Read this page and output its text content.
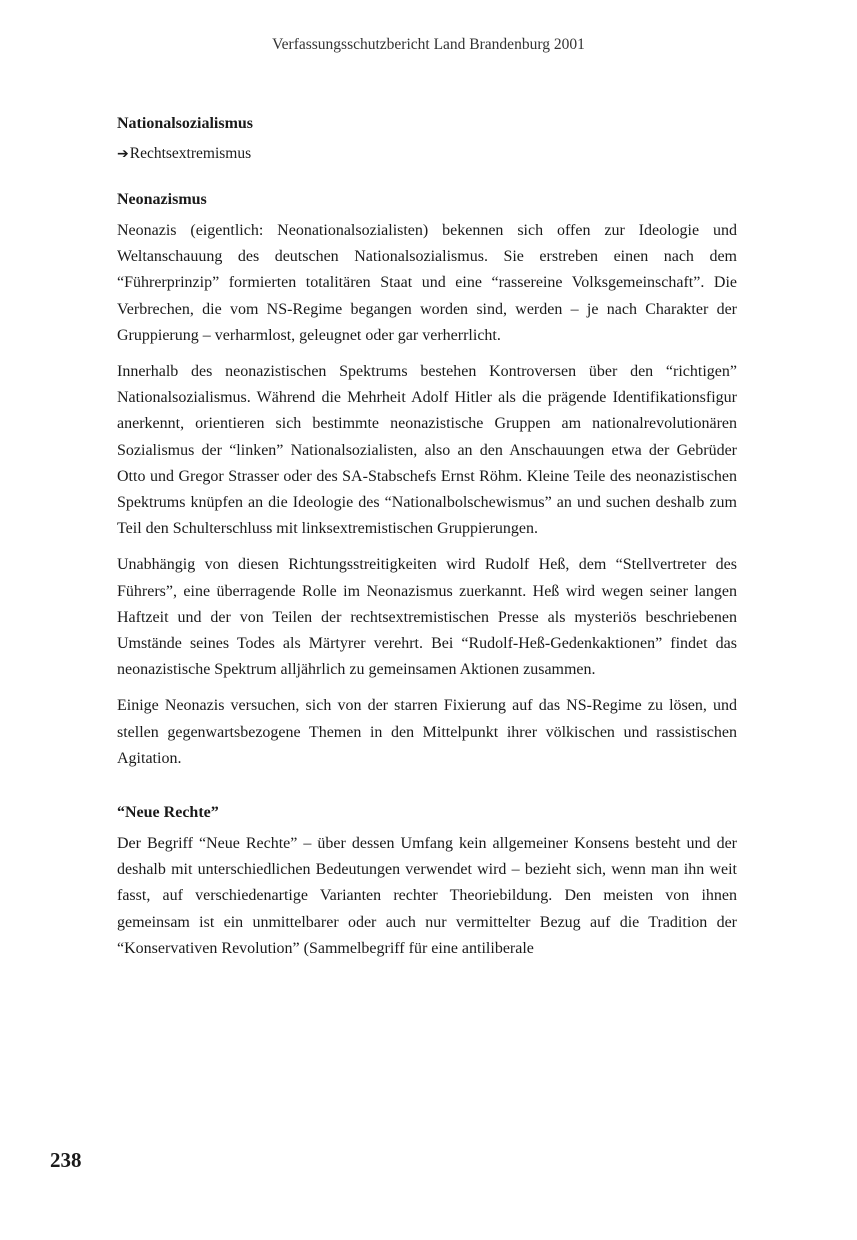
Verfassungsschutzbericht Land Brandenburg 2001
Nationalsozialismus

➔Rechtsextremismus

Neonazismus

Neonazis (eigentlich: Neonationalsozialisten) bekennen sich offen zur Ideologie und Weltanschauung des deutschen Nationalsozialismus. Sie erstreben einen nach dem “Führerprinzip” formierten totalitären Staat und eine “rassereine Volksgemeinschaft”. Die Verbrechen, die vom NS-Regime begangen worden sind, werden – je nach Charakter der Gruppierung – verharmlost, geleugnet oder gar verherrlicht.

Innerhalb des neonazistischen Spektrums bestehen Kontroversen über den “richtigen” Nationalsozialismus. Während die Mehrheit Adolf Hitler als die prägende Identifikationsfigur anerkennt, orientieren sich bestimmte neonazistische Gruppen am nationalrevolutionären Sozialismus der “linken” Nationalsozialisten, also an den Anschauungen etwa der Gebrüder Otto und Gregor Strasser oder des SA-Stabschefs Ernst Röhm. Kleine Teile des neonazistischen Spektrums knüpfen an die Ideologie des “Nationalbolschewismus” an und suchen deshalb zum Teil den Schulterschluss mit linksextremistischen Gruppierungen.

Unabhängig von diesen Richtungsstreitigkeiten wird Rudolf Heß, dem “Stellvertreter des Führers”, eine überragende Rolle im Neonazismus zuerkannt. Heß wird wegen seiner langen Haftzeit und der von Teilen der rechtsextremistischen Presse als mysteriös beschriebenen Umstände seines Todes als Märtyrer verehrt. Bei “Rudolf-Heß-Gedenkaktionen” findet das neonazistische Spektrum alljährlich zu gemeinsamen Aktionen zusammen.

Einige Neonazis versuchen, sich von der starren Fixierung auf das NS-Regime zu lösen, und stellen gegenwartsbezogene Themen in den Mittelpunkt ihrer völkischen und rassistischen Agitation.

“Neue Rechte”

Der Begriff “Neue Rechte” – über dessen Umfang kein allgemeiner Konsens besteht und der deshalb mit unterschiedlichen Bedeutungen verwendet wird – bezieht sich, wenn man ihn weit fasst, auf verschiedenartige Varianten rechter Theoriebildung. Den meisten von ihnen gemeinsam ist ein unmittelbarer oder auch nur vermittelter Bezug auf die Tradition der “Konservativen Revolution” (Sammelbegriff für eine antiliberale

238
